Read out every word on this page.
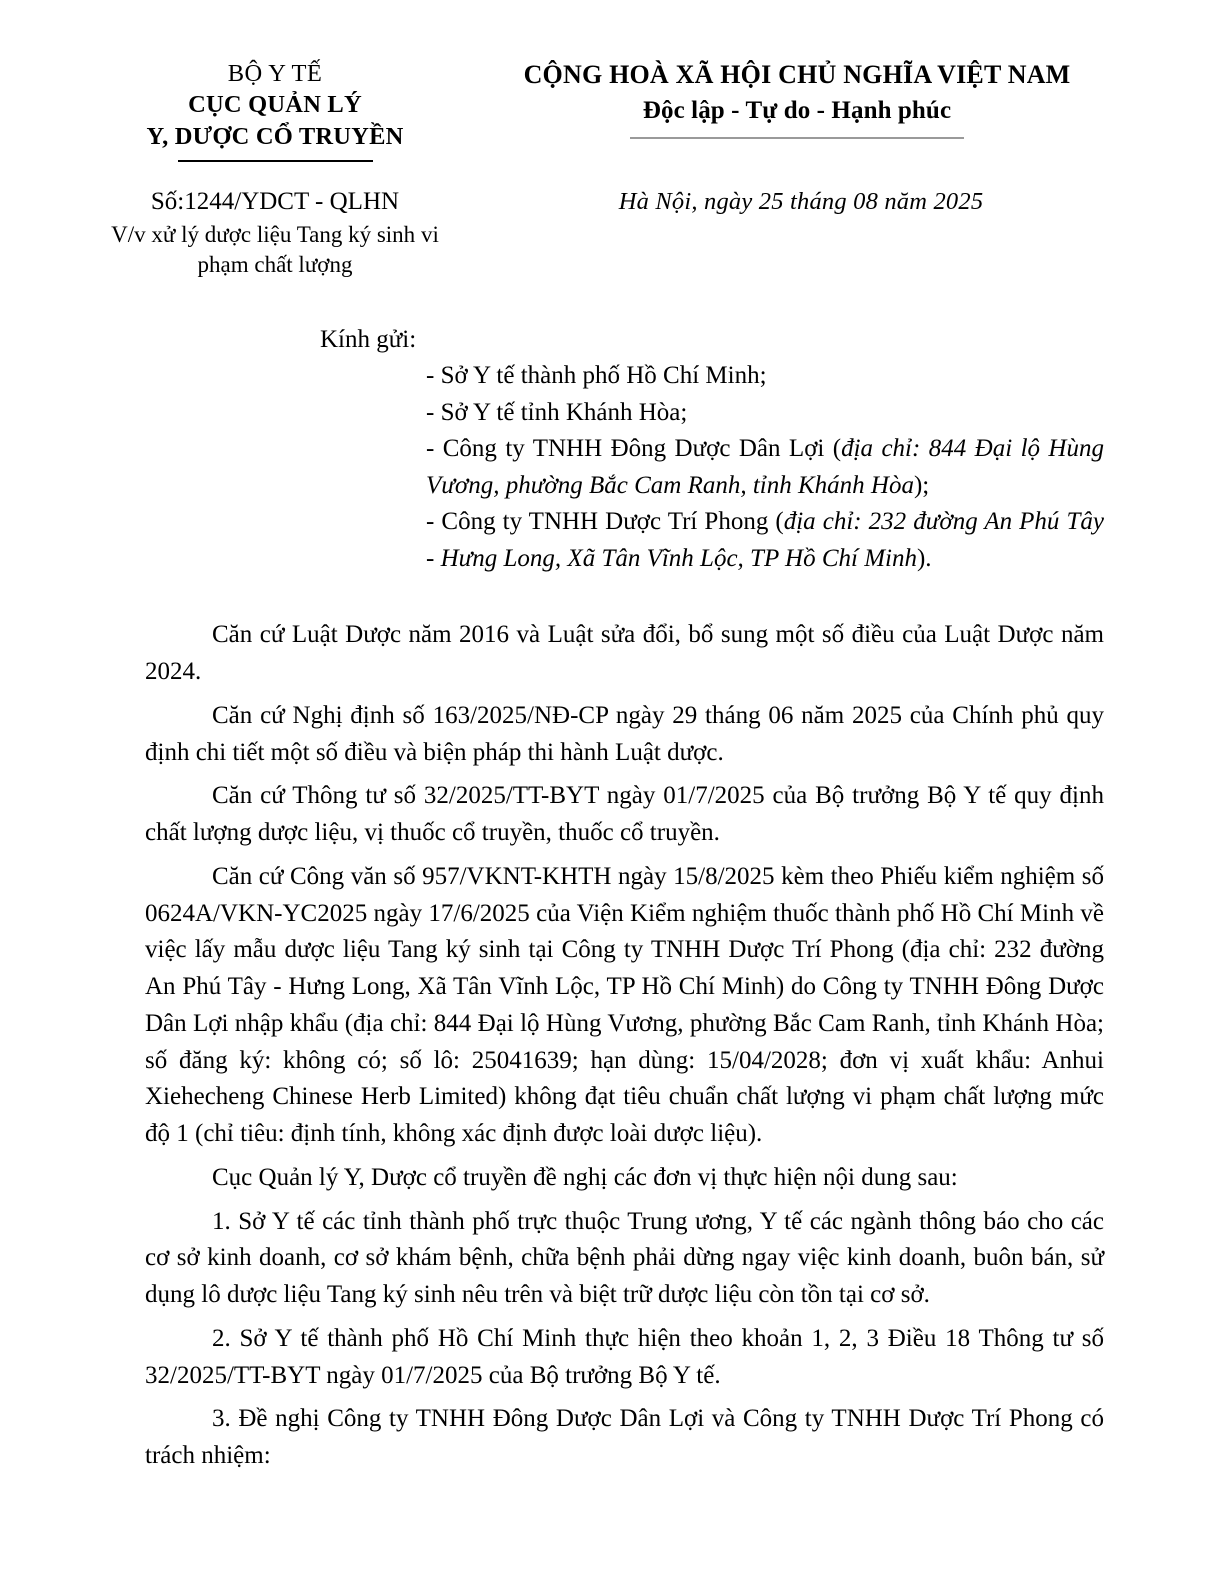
BỘ Y TẾ
CỤC QUẢN LÝ
Y, DƯỢC CỔ TRUYỀN
CỘNG HOÀ XÃ HỘI CHỦ NGHĨA VIỆT NAM
Độc lập - Tự do - Hạnh phúc
Số:1244/YDCT - QLHN
V/v xử lý dược liệu Tang ký sinh vi phạm chất lượng
Hà Nội, ngày 25 tháng 08 năm 2025
Kính gửi:
- Sở Y tế thành phố Hồ Chí Minh;
- Sở Y tế tỉnh Khánh Hòa;
- Công ty TNHH Đông Dược Dân Lợi (địa chỉ: 844 Đại lộ Hùng Vương, phường Bắc Cam Ranh, tỉnh Khánh Hòa);
- Công ty TNHH Dược Trí Phong (địa chỉ: 232 đường An Phú Tây - Hưng Long, Xã Tân Vĩnh Lộc, TP Hồ Chí Minh).

Căn cứ Luật Dược năm 2016 và Luật sửa đổi, bổ sung một số điều của Luật Dược năm 2024.

Căn cứ Nghị định số 163/2025/NĐ-CP ngày 29 tháng 06 năm 2025 của Chính phủ quy định chi tiết một số điều và biện pháp thi hành Luật dược.

Căn cứ Thông tư số 32/2025/TT-BYT ngày 01/7/2025 của Bộ trưởng Bộ Y tế quy định chất lượng dược liệu, vị thuốc cổ truyền, thuốc cổ truyền.

Căn cứ Công văn số 957/VKNT-KHTH ngày 15/8/2025 kèm theo Phiếu kiểm nghiệm số 0624A/VKN-YC2025 ngày 17/6/2025 của Viện Kiểm nghiệm thuốc thành phố Hồ Chí Minh về việc lấy mẫu dược liệu Tang ký sinh tại Công ty TNHH Dược Trí Phong (địa chỉ: 232 đường An Phú Tây - Hưng Long, Xã Tân Vĩnh Lộc, TP Hồ Chí Minh) do Công ty TNHH Đông Dược Dân Lợi nhập khẩu (địa chỉ: 844 Đại lộ Hùng Vương, phường Bắc Cam Ranh, tỉnh Khánh Hòa; số đăng ký: không có; số lô: 25041639; hạn dùng: 15/04/2028; đơn vị xuất khẩu: Anhui Xiehecheng Chinese Herb Limited) không đạt tiêu chuẩn chất lượng vi phạm chất lượng mức độ 1 (chỉ tiêu: định tính, không xác định được loài dược liệu).

Cục Quản lý Y, Dược cổ truyền đề nghị các đơn vị thực hiện nội dung sau:

1. Sở Y tế các tỉnh thành phố trực thuộc Trung ương, Y tế các ngành thông báo cho các cơ sở kinh doanh, cơ sở khám bệnh, chữa bệnh phải dừng ngay việc kinh doanh, buôn bán, sử dụng lô dược liệu Tang ký sinh nêu trên và biệt trữ dược liệu còn tồn tại cơ sở.

2. Sở Y tế thành phố Hồ Chí Minh thực hiện theo khoản 1, 2, 3 Điều 18 Thông tư số 32/2025/TT-BYT ngày 01/7/2025 của Bộ trưởng Bộ Y tế.

3. Đề nghị Công ty TNHH Đông Dược Dân Lợi và Công ty TNHH Dược Trí Phong có trách nhiệm:
